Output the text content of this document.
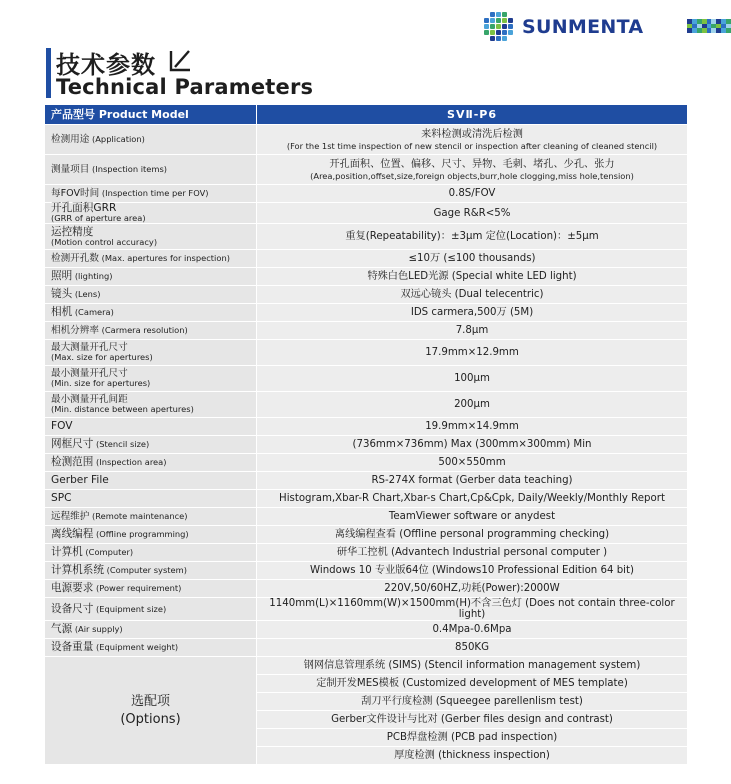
SUNMENTA
技术参数
Technical Parameters
产品型号 Product Model	SVⅡ-P6
检测用途 (Application)	来料检测或清洗后检测

(For the 1st time inspection of new stencil or inspection after cleaning of cleaned stencil)

测量项目 (Inspection items)	开孔面积、位置、偏移、尺寸、异物、毛刺、堵孔、少孔、张力

(Area,position,offset,size,foreign objects,burr,hole clogging,miss hole,tension)

每FOV时间 (Inspection time per FOV)	0.8S/FOV
开孔面积GRR
(GRR of aperture area)	Gage R&R<5%
运控精度
(Motion control accuracy)	重复(Repeatability)：±3μm 定位(Location)：±5μm
检测开孔数 (Max. apertures for inspection)	≤10万 (≤100 thousands)
照明 (lighting)	特殊白色LED光源 (Special white LED light)
镜头 (Lens)	双远心镜头 (Dual telecentric)
相机 (Camera)	IDS carmera,500万 (5M)
相机分辨率 (Carmera resolution)	7.8μm
最大测量开孔尺寸
(Max. size for apertures)	17.9mm×12.9mm
最小测量开孔尺寸
(Min. size for apertures)	100μm
最小测量开孔间距
(Min. distance between apertures)	200μm
FOV	19.9mm×14.9mm
网框尺寸 (Stencil size)	(736mm×736mm) Max (300mm×300mm) Min
检测范围 (Inspection area)	500×550mm
Gerber File	RS-274X format (Gerber data teaching)
SPC	Histogram,Xbar-R Chart,Xbar-s Chart,Cp&Cpk, Daily/Weekly/Monthly Report
远程维护 (Remote maintenance)	TeamViewer software or anydest
离线编程 (Offline programming)	离线编程查看 (Offline personal programming checking)
计算机 (Computer)	研华工控机 (Advantech Industrial personal computer )
计算机系统 (Computer system)	Windows 10 专业版64位 (Windows10 Professional Edition 64 bit)
电源要求 (Power requirement)	220V,50/60HZ,功耗(Power):2000W
设备尺寸 (Equipment size)	1140mm(L)×1160mm(W)×1500mm(H)不含三色灯 (Does not contain three-color light)
气源 (Air supply)	0.4Mpa-0.6Mpa
设备重量 (Equipment weight)	850KG
选配项
(Options)	钢网信息管理系统 (SIMS) (Stencil information management system)
	定制开发MES模板 (Customized development of MES template)
	刮刀平行度检测 (Squeegee parellenlism test)
	Gerber文件设计与比对 (Gerber files design and contrast)
	PCB焊盘检测 (PCB pad inspection)
	厚度检测 (thickness inspection)
